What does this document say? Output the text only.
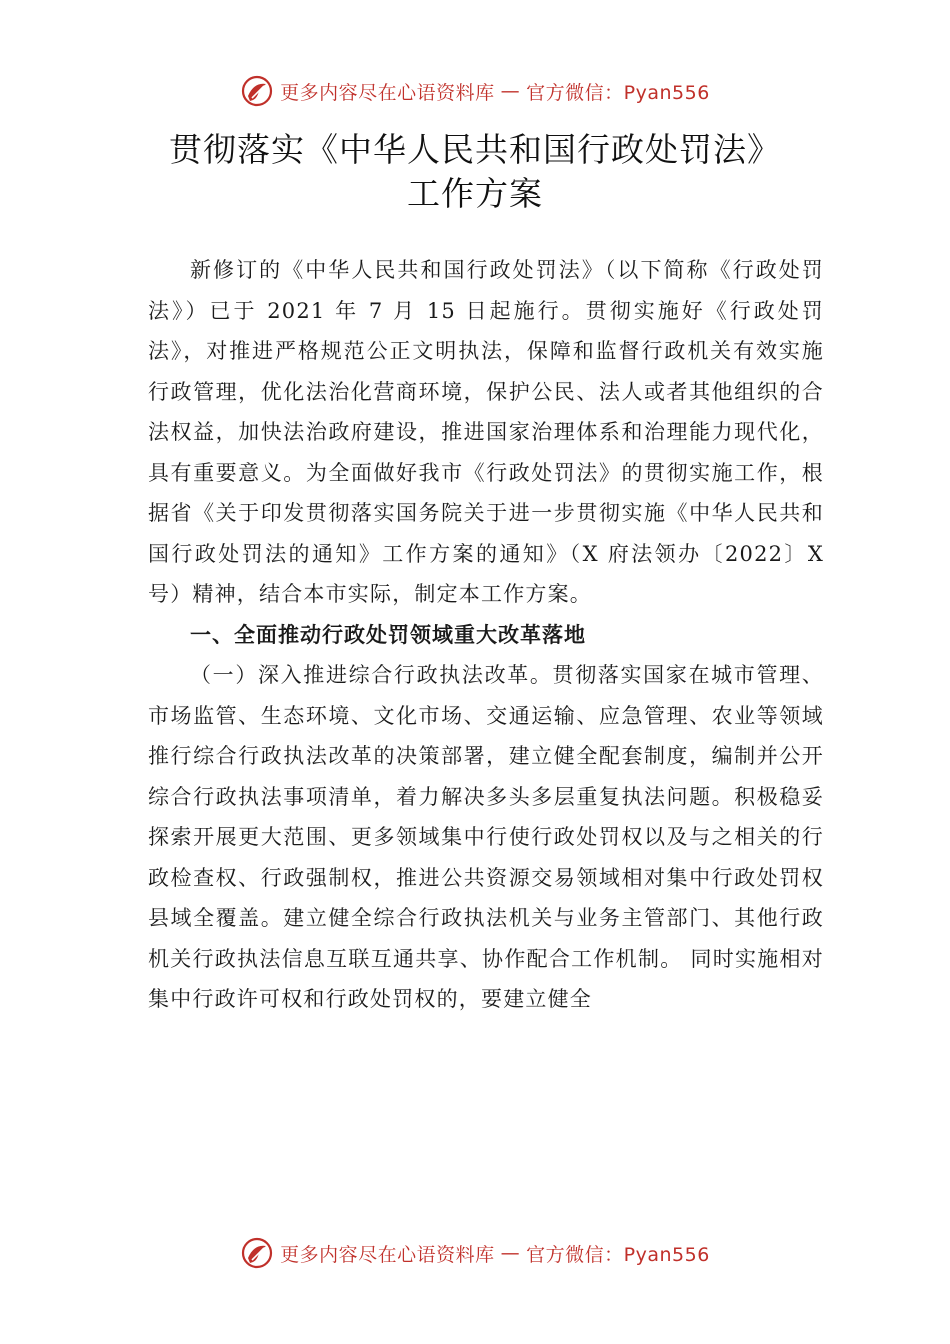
更多内容尽在心语资料库 — 官方微信：Pyan556
贯彻落实《中华人民共和国行政处罚法》
工作方案

新修订的《中华人民共和国行政处罚法》（以下简称《行政处罚法》）已于 2021 年 7 月 15 日起施行。贯彻实施好《行政处罚法》，对推进严格规范公正文明执法，保障和监督行政机关有效实施行政管理，优化法治化营商环境，保护公民、法人或者其他组织的合法权益，加快法治政府建设，推进国家治理体系和治理能力现代化，具有重要意义。为全面做好我市《行政处罚法》的贯彻实施工作，根据省《关于印发贯彻落实国务院关于进一步贯彻实施《中华人民共和国行政处罚法的通知》工作方案的通知》（X 府法领办〔2022〕X 号）精神，结合本市实际，制定本工作方案。

一、全面推动行政处罚领域重大改革落地

（一）深入推进综合行政执法改革。贯彻落实国家在城市管理、市场监管、生态环境、文化市场、交通运输、应急管理、农业等领域推行综合行政执法改革的决策部署，建立健全配套制度，编制并公开综合行政执法事项清单，着力解决多头多层重复执法问题。积极稳妥探索开展更大范围、更多领域集中行使行政处罚权以及与之相关的行政检查权、行政强制权，推进公共资源交易领域相对集中行政处罚权县域全覆盖。建立健全综合行政执法机关与业务主管部门、其他行政机关行政执法信息互联互通共享、协作配合工作机制。 同时实施相对集中行政许可权和行政处罚权的，要建立健全

更多内容尽在心语资料库 — 官方微信：Pyan556
